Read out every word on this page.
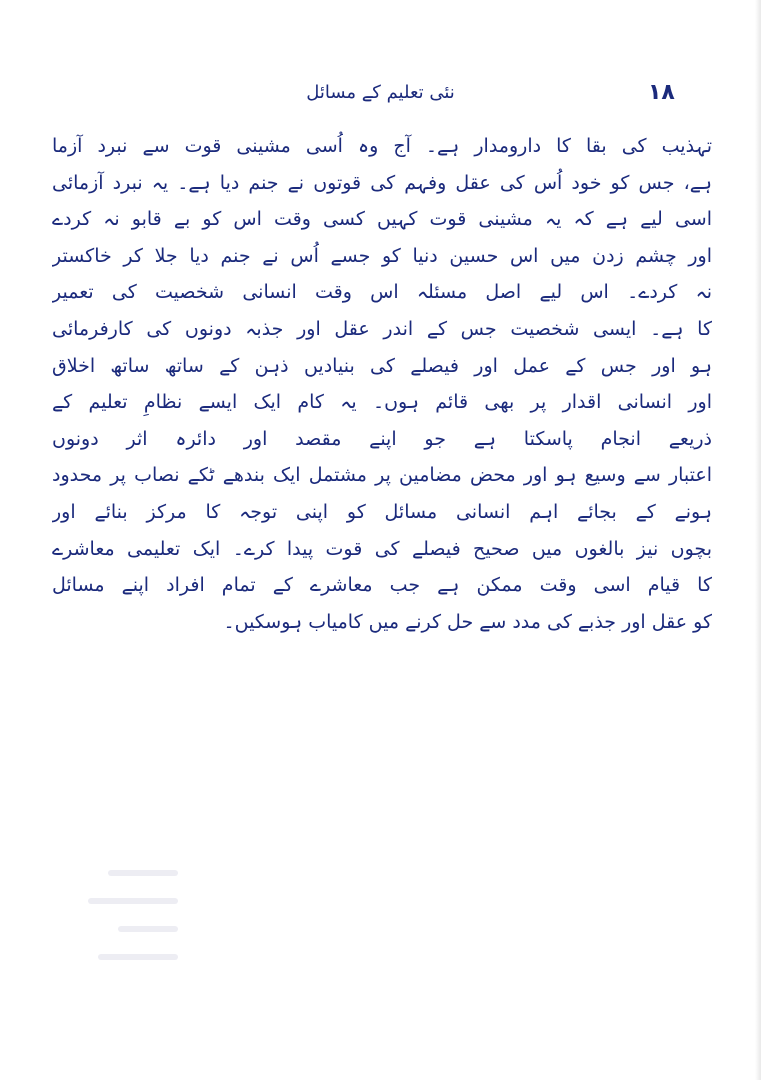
۱۸
نئی تعلیم کے مسائل
تہذیب کی بقا کا دارومدار ہے۔ آج وہ اُسی مشینی قوت سے نبرد آزما
ہے، جس کو خود اُس کی عقل وفہم کی قوتوں نے جنم دیا ہے۔ یہ نبرد آزمائی
اسی لیے ہے کہ یہ مشینی قوت کہیں کسی وقت اس کو بے قابو نہ کردے
اور چشم زدن میں اس حسین دنیا کو جسے اُس نے جنم دیا جلا کر خاکستر
نہ کردے۔ اس لیے اصل مسئلہ اس وقت انسانی شخصیت کی تعمیر
کا ہے۔ ایسی شخصیت جس کے اندر عقل اور جذبہ دونوں کی کارفرمائی
ہو اور جس کے عمل اور فیصلے کی بنیادیں ذہن کے ساتھ ساتھ اخلاق
اور انسانی اقدار پر بھی قائم ہوں۔ یہ کام ایک ایسے نظامِ تعلیم کے
ذریعے انجام پاسکتا ہے جو اپنے مقصد اور دائرہ اثر دونوں
اعتبار سے وسیع ہو اور محض مضامین پر مشتمل ایک بندھے ٹکے نصاب پر محدود
ہونے کے بجائے اہم انسانی مسائل کو اپنی توجہ کا مرکز بنائے اور
بچوں نیز بالغوں میں صحیح فیصلے کی قوت پیدا کرے۔ ایک تعلیمی معاشرے
کا قیام اسی وقت ممکن ہے جب معاشرے کے تمام افراد اپنے مسائل
کو عقل اور جذبے کی مدد سے حل کرنے میں کامیاب ہوسکیں۔
